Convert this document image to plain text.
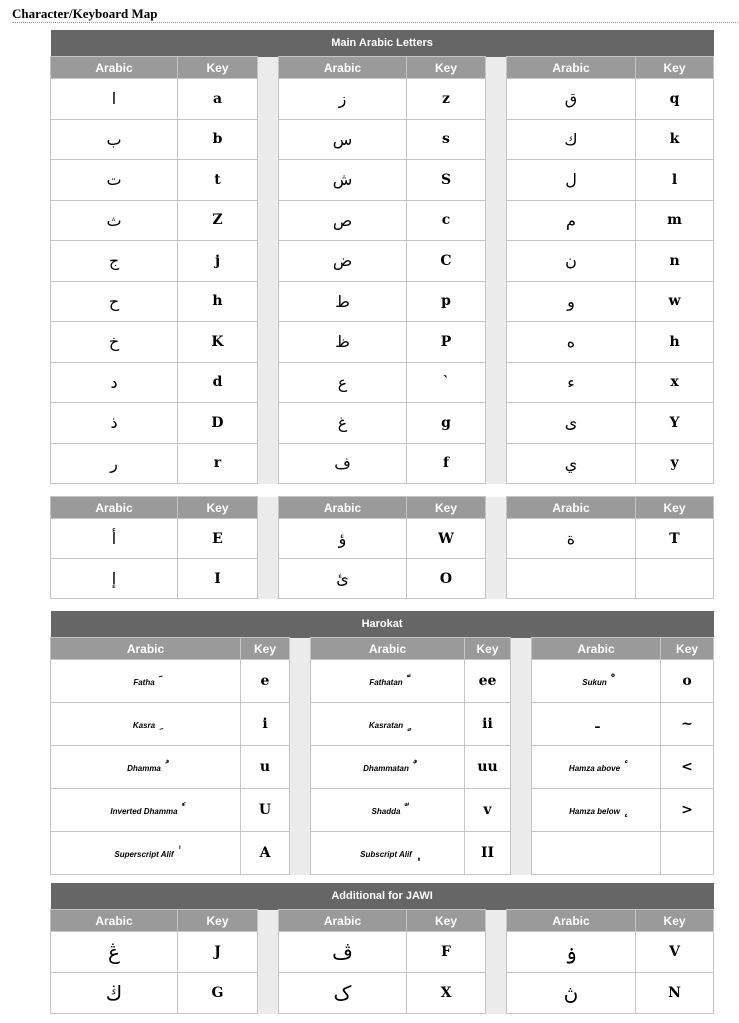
Character/Keyboard Map
Main Arabic Letters							
Arabic	Key		Arabic	Key		Arabic	Key
ا	a		ز	z		ق	q
ب	b		س	s		ك	k
ت	t		ش	S		ل	l
ث	Z		ص	c		م	m
ج	j		ض	C		ن	n
ح	h		ط	p		و	w
خ	K		ظ	P		ه	h
د	d		ع	`		ء	x
ذ	D		غ	g		ى	Y
ر	r		ف	f		ي	y
Arabic	Key		Arabic	Key		Arabic	Key
أ	E		ؤ	W		ة	T
إ	I		ئ	O			
Harokat							
Arabic	Key		Arabic	Key		Arabic	Key
Fatha	e		Fathatan	ee		Sukun	o
Kasra	i		Kasratan	ii		ـ	~
Dhamma	u		Dhammatan	uu		Hamza above	<
Inverted Dhamma	U		Shadda	v		Hamza below	>
Superscript Alif	A		Subscript Alif	II			
Additional for JAWI							
Arabic	Key		Arabic	Key		Arabic	Key
ڠ	J		ڤ	F		ۏ	V
ڬ	G		ک	X		ڽ	N
